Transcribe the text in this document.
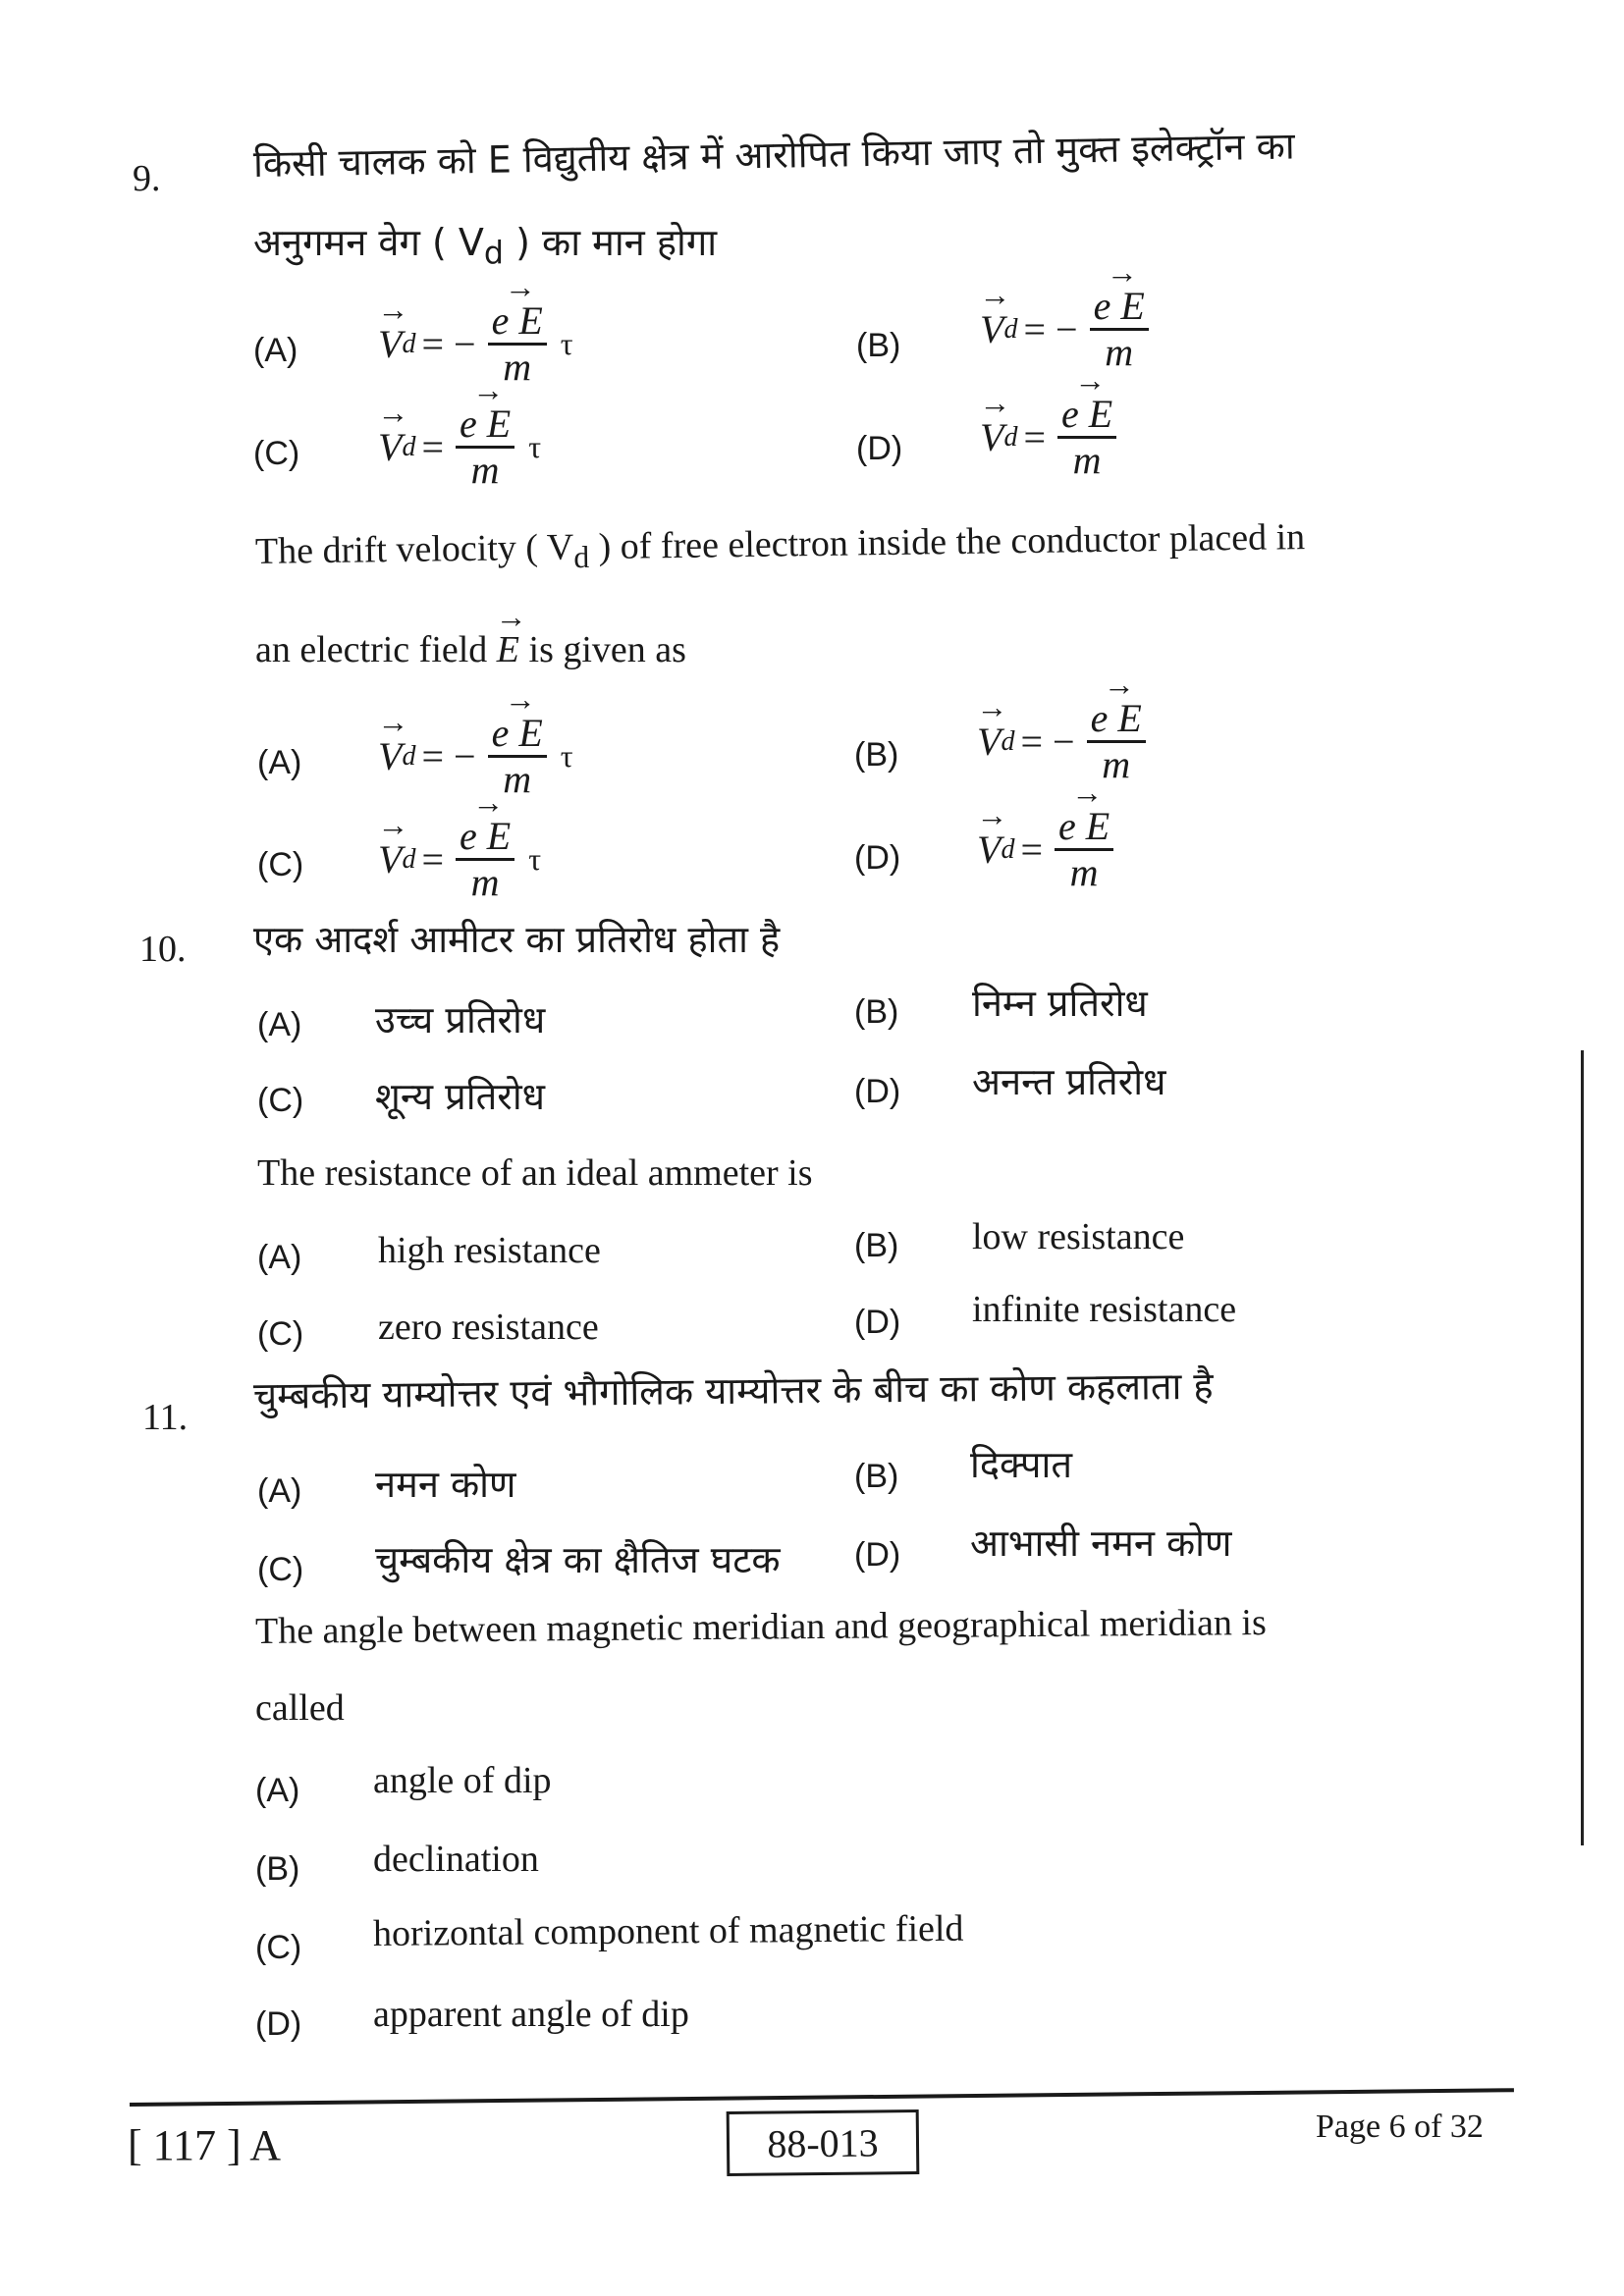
9. किसी चालक को E विद्युतीय क्षेत्र में आरोपित किया जाए तो मुक्त इलेक्ट्रॉन का
अनुगमन वेग ( $V_d$ ) का मान होगा
(A) → V d = − → $\frac{\text{e E}}{m}$ τ	(B) → V d = − → $\frac{\text{e E}}{m}$
(C) → V d = → $\frac{\text{e E}}{m}$ τ	(D) → V d = → $\frac{\text{e E}}{m}$
The drift velocity ( $V_d$ ) of free electron inside the conductor placed in
an electric field → E is given as
(A) → V d = − → $\frac{\text{e E}}{m}$ τ	(B) → V d = − → $\frac{\text{e E}}{m}$
(C) → V d = → $\frac{\text{e E}}{m}$ τ	(D) → V d = → $\frac{\text{e E}}{m}$
10. एक आदर्श आमीटर का प्रतिरोध होता है
(A) उच्च प्रतिरोध	(B) निम्न प्रतिरोध
(C) शून्य प्रतिरोध	(D) अनन्त प्रतिरोध
The resistance of an ideal ammeter is
(A) high resistance	(B) low resistance
(C) zero resistance	(D) infinite resistance
11.
चुम्बकीय याम्योत्तर एवं भौगोलिक याम्योत्तर के बीच का कोण कहलाता है
(A) नमन कोण	(B) दिक्पात
(C) चुम्बकीय क्षेत्र का क्षैतिज घटक (D) आभासी नमन कोण
The angle between magnetic meridian and geographical meridian is
called
(A) angle of dip
(B) declination
(C) horizontal component of magnetic field
(D) apparent angle of dip
[ 117 ] A	88-013	Page 6 of 32
